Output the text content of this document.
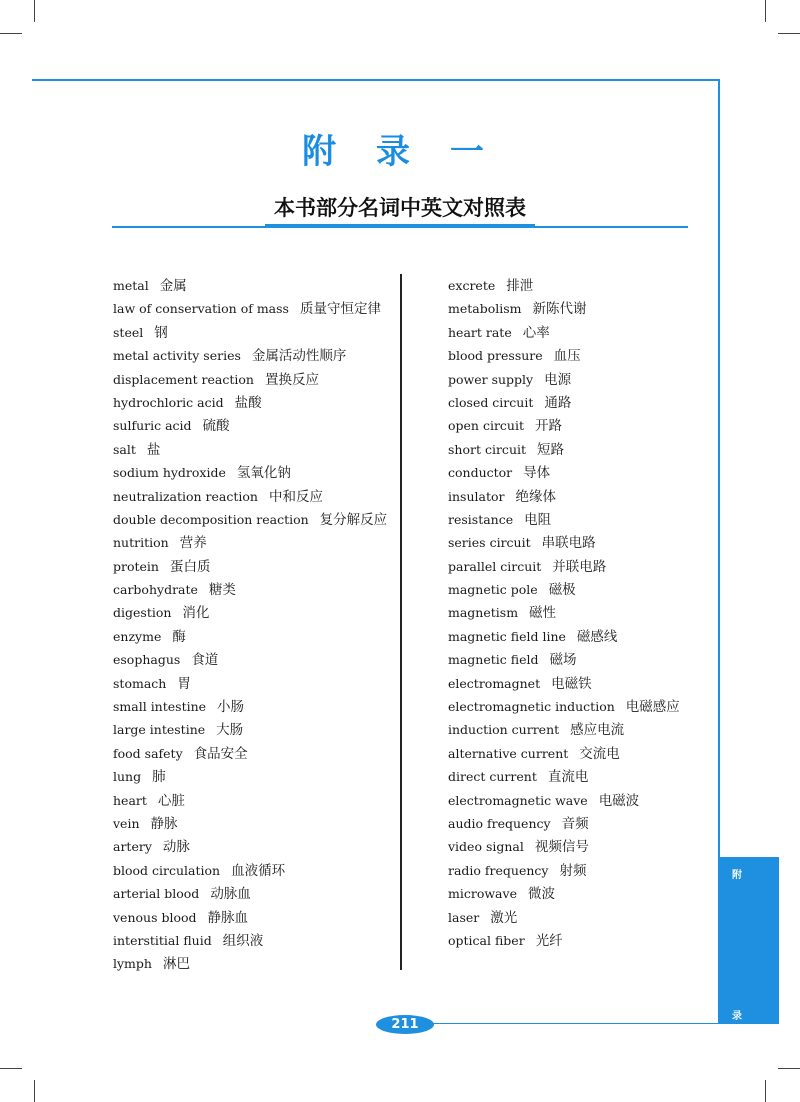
附 录 一
本书部分名词中英文对照表
metal 金属
law of conservation of mass 质量守恒定律
steel 钢
metal activity series 金属活动性顺序
displacement reaction 置换反应
hydrochloric acid 盐酸
sulfuric acid 硫酸
salt 盐
sodium hydroxide 氢氧化钠
neutralization reaction 中和反应
double decomposition reaction 复分解反应
nutrition 营养
protein 蛋白质
carbohydrate 糖类
digestion 消化
enzyme 酶
esophagus 食道
stomach 胃
small intestine 小肠
large intestine 大肠
food safety 食品安全
lung 肺
heart 心脏
vein 静脉
artery 动脉
blood circulation 血液循环
arterial blood 动脉血
venous blood 静脉血
interstitial fluid 组织液
lymph 淋巴
excrete 排泄
metabolism 新陈代谢
heart rate 心率
blood pressure 血压
power supply 电源
closed circuit 通路
open circuit 开路
short circuit 短路
conductor 导体
insulator 绝缘体
resistance 电阻
series circuit 串联电路
parallel circuit 并联电路
magnetic pole 磁极
magnetism 磁性
magnetic field line 磁感线
magnetic field 磁场
electromagnet 电磁铁
electromagnetic induction 电磁感应
induction current 感应电流
alternative current 交流电
direct current 直流电
electromagnetic wave 电磁波
audio frequency 音频
video signal 视频信号
radio frequency 射频
microwave 微波
laser 激光
optical fiber 光纤
附
录
211
